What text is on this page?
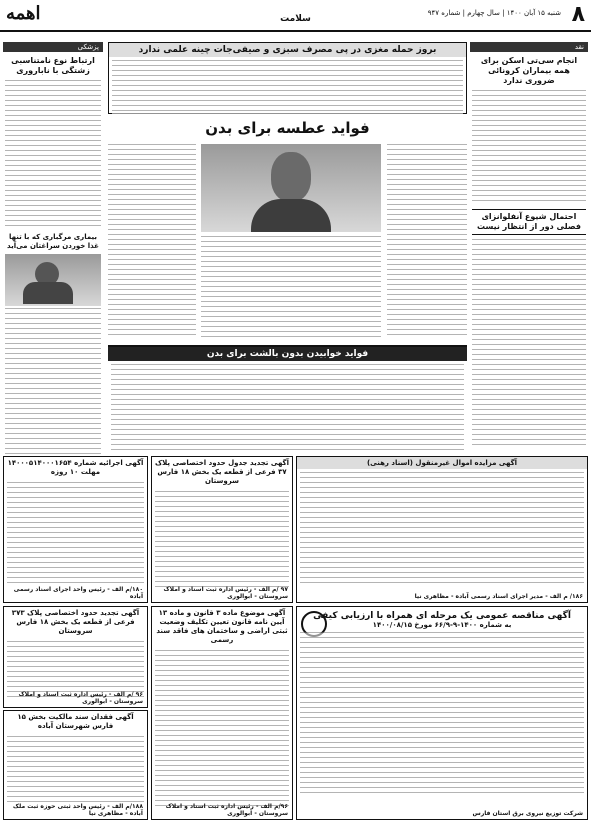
۸
شنبه ۱۵ آبان ۱۴۰۰ | سال چهارم | شماره ۹۴۷
سلامت
اهمه
نقد
انجام سی‌تی اسکن برای همه بیماران کرونائی ضروری ندارد
احتمال شیوع آنفلوانزای فصلی دور از انتظار نیست
پزشکی
ارتباط نوع نامتناسبی زشتگی با ناباروری
بیماری مرگباری که با تنها غذا خوردن سراغتان می‌آید
بروز حمله مغزی در پی مصرف سبزی و صیفی‌جات چینه علمی ندارد
فواید عطسه برای بدن
فواید خوابیدن بدون بالشت برای بدن
آگهی مزایده اموال غیرمنقول (اسناد رهنی)
۱۸۶/ م الف - مدیر اجرای اسناد رسمی آباده - مظاهری نیا
آگهی تجدید جدول حدود اختصاصی پلاک ۳۷ فرعی از قطعه یک بخش ۱۸ فارس سروستان
۹۷ /م الف - رئیس اداره ثبت اسناد و املاک سروستان - ابوالوری
آگهی اجرائیه شماره ۱۴۰۰۰۵۱۴۰۰۰۱۶۵۴ مهلت ۱۰ روزه
۱۸۰/م الف - رئیس واحد اجرای اسناد رسمی آباده
آگهی مناقصه عمومی یک مرحله ای همراه با ارزیابی کیفی
به شماره ۱۴۰۰-۹-۶۶/۹ مورخ ۱۴۰۰/۰۸/۱۵
شرکت توزیع نیروی برق استان فارس
آگهی موضوع ماده ۳ قانون و ماده ۱۳ آیین نامه قانون تعیین تکلیف وضعیت ثبتی اراضی و ساختمان های فاقد سند رسمی
۹۶/م الف - رئیس اداره ثبت اسناد و املاک سروستان - ابوالوری
آگهی تجدید حدود اختصاصی پلاک ۳۷۳ فرعی از قطعه یک بخش ۱۸ فارس سروستان
۹۶ /م الف - رئیس اداره ثبت اسناد و املاک سروستان - ابوالوری
آگهی فقدان سند مالکیت بخش ۱۵ فارس شهرستان آباده
۱۸۸/م الف - رئیس واحد ثبتی حوزه ثبت ملک آباده - مظاهری نیا
